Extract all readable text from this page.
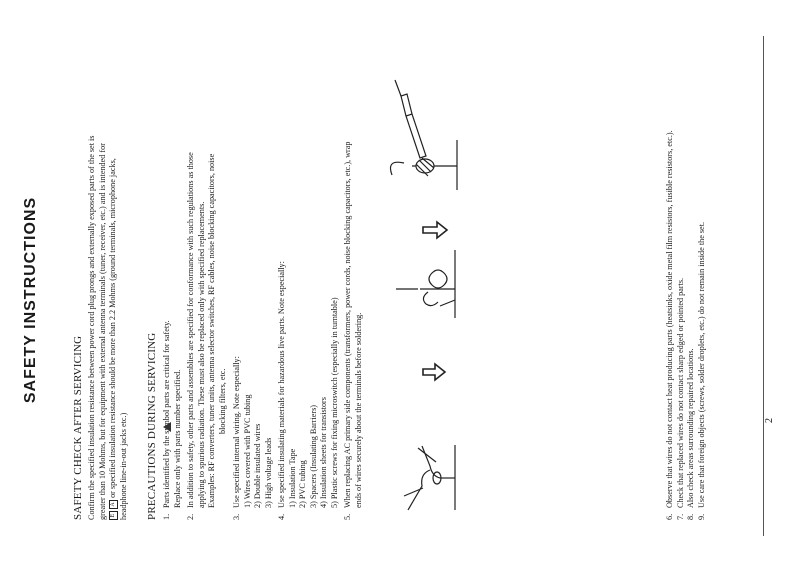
SAFETY INSTRUCTIONS
SAFETY CHECK AFTER SERVICING Confirm the specified insulation resistance between power cord plug prongs and externally exposed parts of the set is greater than 10 Mohms, but for equipment with external antenna terminals (tuner, receiver, etc.) and is intended for E A or specified insulation resistance should be more than 2.2 Mohms (ground terminals, microphone jacks, headphone line-in-out jacks etc.) PRECAUTIONS DURING SERVICING 1.Parts identified by the symbol parts are critical for safety. Replace only with parts number specified.
2.In addition to safety, other parts and assemblies are specified for conformance with such regulations as those applying to spurious radiation. These must also be replaced only with specified replacements. Examples: RF converters, tuner units, antenna selector switches, RF cables, noise blocking capacitors, noise blocking filters, etc.
3.Use specified internal wiring. Note especially: 1) Wires covered with PVC tubing 2) Double insulated wires 3) High voltage leads
4.Use specified insulating materials for hazardous live parts. Note especially: 1) Insulation Tape 2) PVC tubing 3) Spacers (Insulating Barriers) 4) Insulation sheets for transistors 5) Plastic screws for fixing microswitch (especially in turntable)
5.When replacing AC primary side components (transformers, power cords, noise blocking capacitors, etc.), wrap ends of wires securely about the terminals before soldering.
6.Observe that wires do not contact heat producing parts (heatsinks, oxide metal film resistors, fusible resistors, etc.).
7.Check that replaced wires do not contact sharp edged or pointed parts.
8.Also check areas surrounding repaired locations.
9.Use care that foreign objects (screws, solder droplets, etc.) do not remain inside the set.	2
